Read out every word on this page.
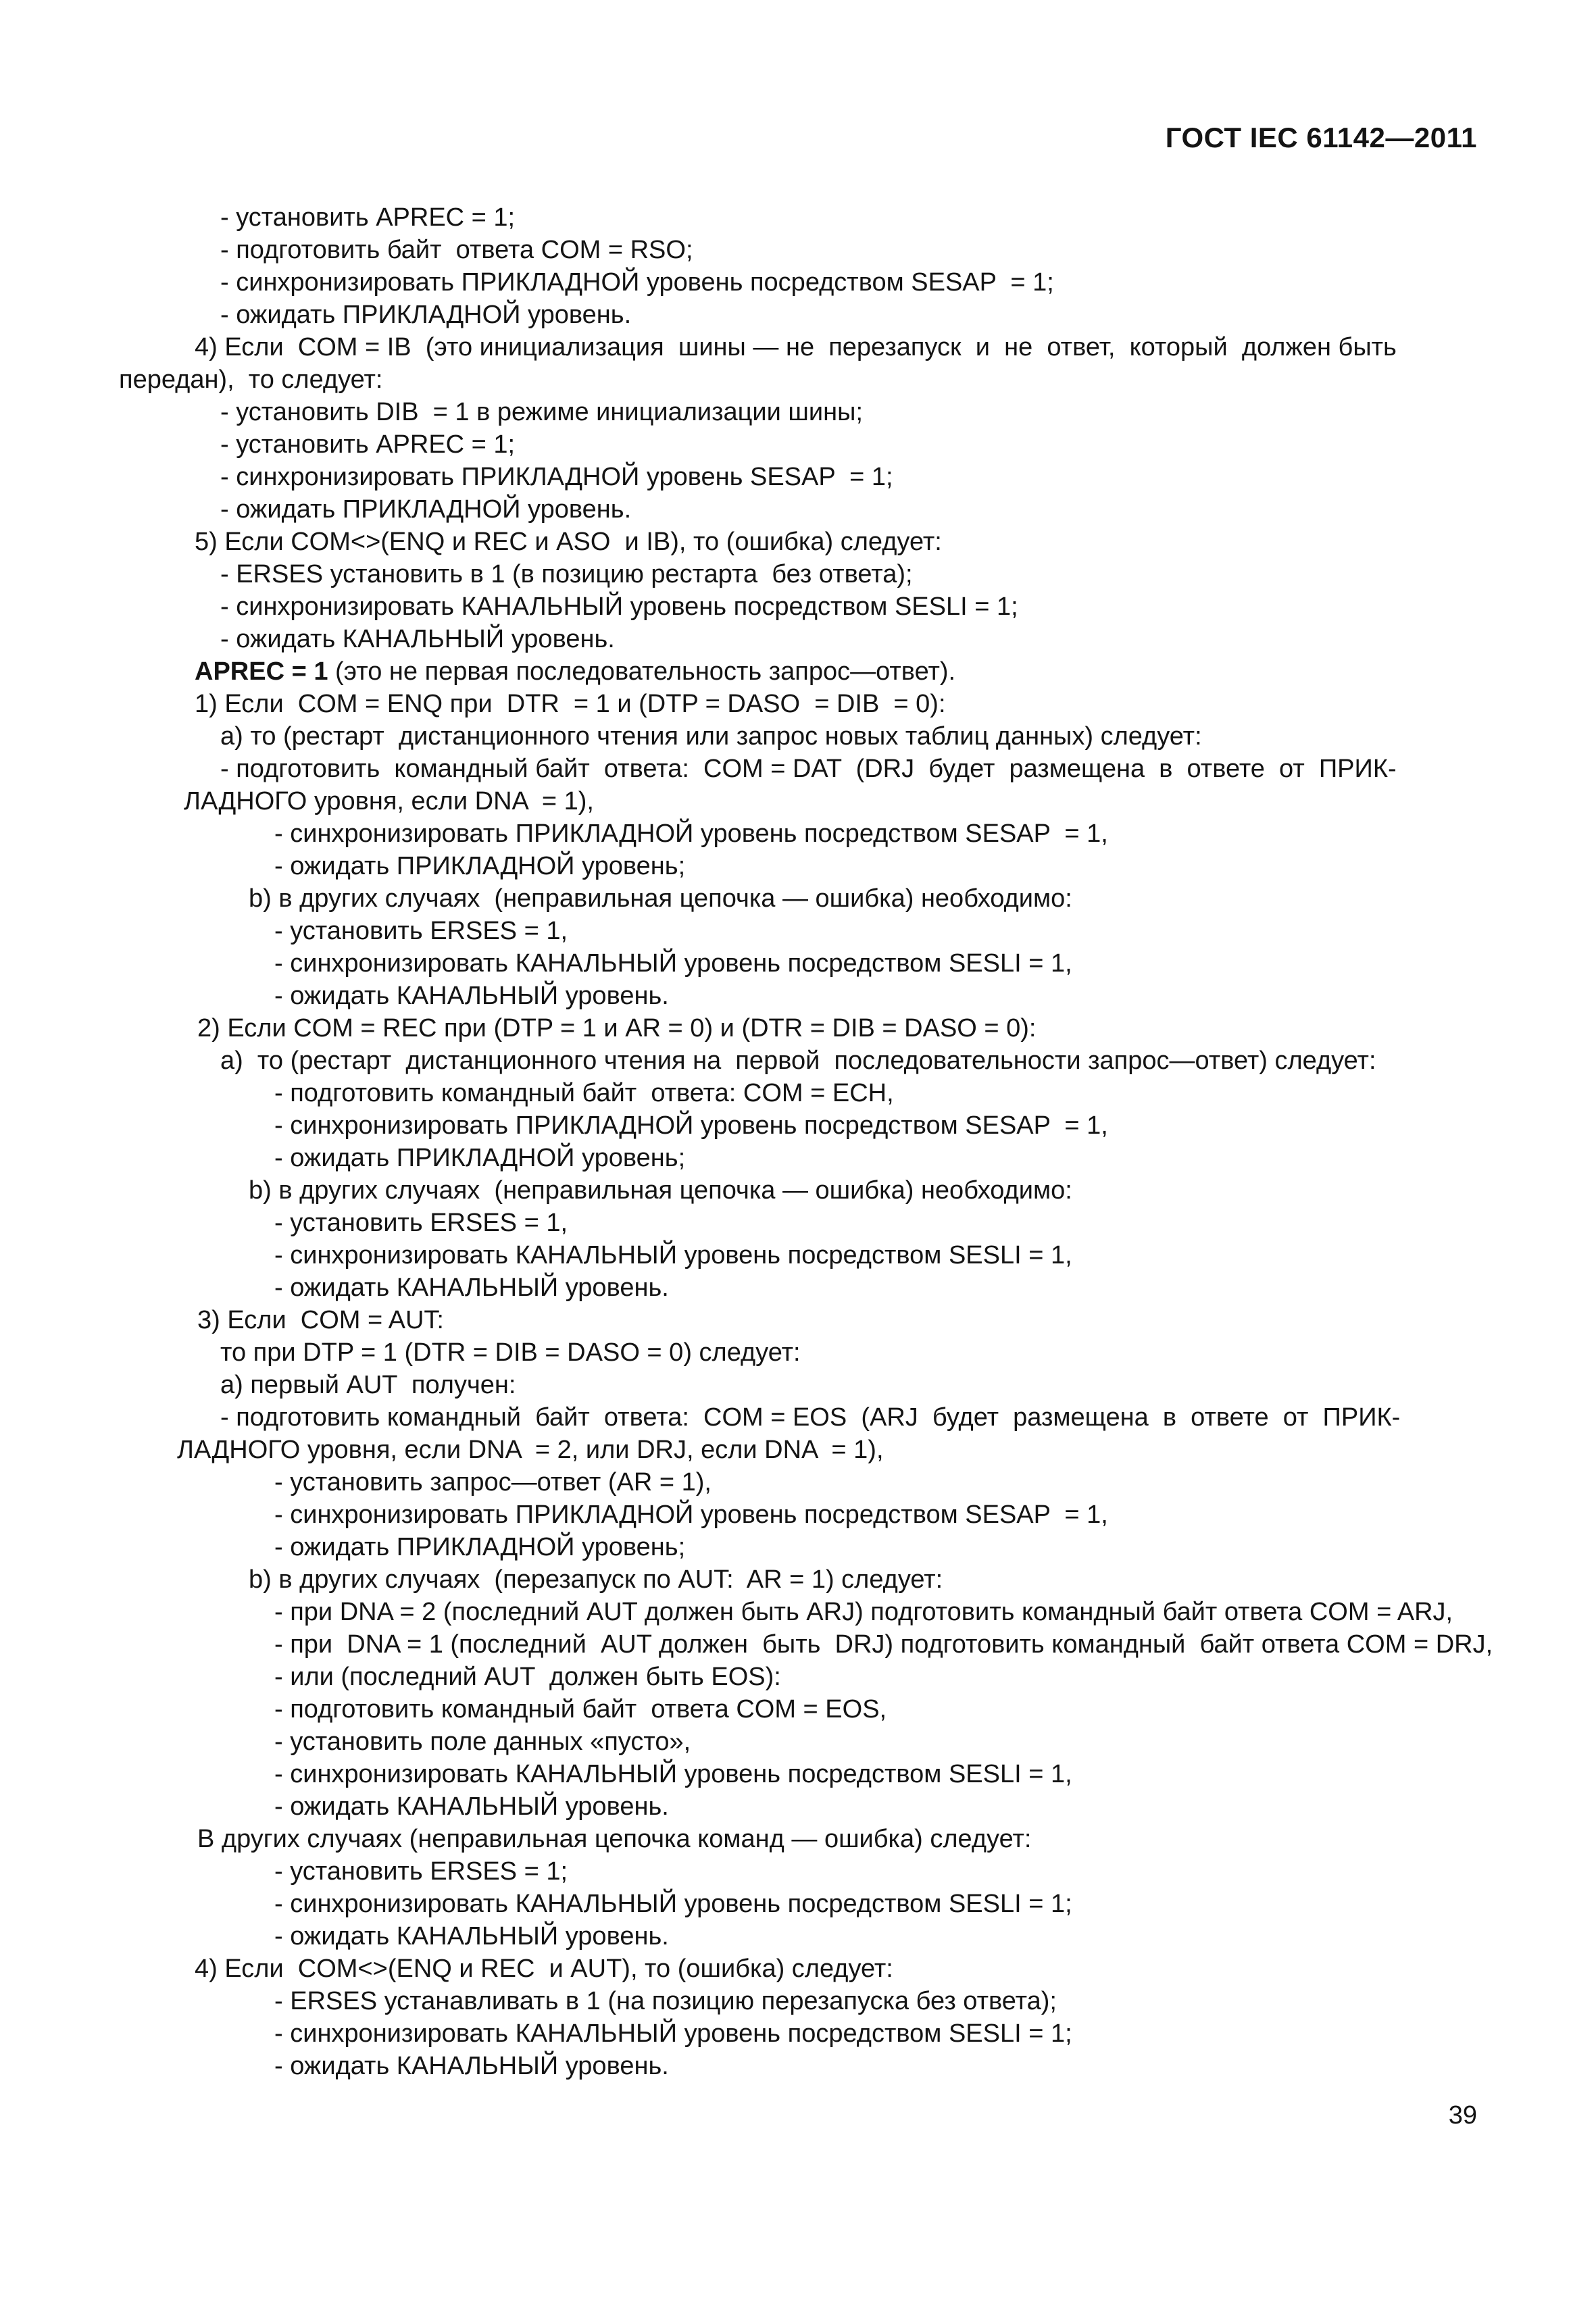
ГОСТ IEC 61142—2011
- установить APREC = 1;
- подготовить байт  ответа COM = RSO;
- синхронизировать ПРИКЛАДНОЙ уровень посредством SESAP  = 1;
- ожидать ПРИКЛАДНОЙ уровень.
4) Если  COM = IB  (это инициализация  шины — не  перезапуск  и  не  ответ,  который  должен быть
передан),  то следует:
- установить DIB  = 1 в режиме инициализации шины;
- установить APREC = 1;
- синхронизировать ПРИКЛАДНОЙ уровень SESAP  = 1;
- ожидать ПРИКЛАДНОЙ уровень.
5) Если COM<>(ENQ и REC и ASO  и IB), то (ошибка) следует:
- ERSES установить в 1 (в позицию рестарта  без ответа);
- синхронизировать КАНАЛЬНЫЙ уровень посредством SESLI = 1;
- ожидать КАНАЛЬНЫЙ уровень.
APREC = 1 (это не первая последовательность запрос—ответ).
1) Если  COM = ENQ при  DTR  = 1 и (DTP = DASO  = DIB  = 0):
a) то (рестарт  дистанционного чтения или запрос новых таблиц данных) следует:
- подготовить  командный байт  ответа:  COM = DAT  (DRJ  будет  размещена  в  ответе  от  ПРИК-
ЛАДНОГО уровня, если DNA  = 1),
- синхронизировать ПРИКЛАДНОЙ уровень посредством SESAP  = 1,
- ожидать ПРИКЛАДНОЙ уровень;
b) в других случаях  (неправильная цепочка — ошибка) необходимо:
- установить ERSES = 1,
- синхронизировать КАНАЛЬНЫЙ уровень посредством SESLI = 1,
- ожидать КАНАЛЬНЫЙ уровень.
2) Если COM = REC при (DTP = 1 и AR = 0) и (DTR = DIB = DASO = 0):
a)  то (рестарт  дистанционного чтения на  первой  последовательности запрос—ответ) следует:
- подготовить командный байт  ответа: COM = ECH,
- синхронизировать ПРИКЛАДНОЙ уровень посредством SESAP  = 1,
- ожидать ПРИКЛАДНОЙ уровень;
b) в других случаях  (неправильная цепочка — ошибка) необходимо:
- установить ERSES = 1,
- синхронизировать КАНАЛЬНЫЙ уровень посредством SESLI = 1,
- ожидать КАНАЛЬНЫЙ уровень.
3) Если  COM = AUT:
то при DTP = 1 (DTR = DIB = DASO = 0) следует:
a) первый AUT  получен:
- подготовить командный  байт  ответа:  COM = EOS  (ARJ  будет  размещена  в  ответе  от  ПРИК-
ЛАДНОГО уровня, если DNA  = 2, или DRJ, если DNA  = 1),
- установить запрос—ответ (AR = 1),
- синхронизировать ПРИКЛАДНОЙ уровень посредством SESAP  = 1,
- ожидать ПРИКЛАДНОЙ уровень;
b) в других случаях  (перезапуск по AUT:  AR = 1) следует:
- при DNA = 2 (последний AUT должен быть ARJ) подготовить командный байт ответа COM = ARJ,
- при  DNA = 1 (последний  AUT должен  быть  DRJ) подготовить командный  байт ответа COM = DRJ,
- или (последний AUT  должен быть EOS):
- подготовить командный байт  ответа COM = EOS,
- установить поле данных «пусто»,
- синхронизировать КАНАЛЬНЫЙ уровень посредством SESLI = 1,
- ожидать КАНАЛЬНЫЙ уровень.
В других случаях (неправильная цепочка команд — ошибка) следует:
- установить ERSES = 1;
- синхронизировать КАНАЛЬНЫЙ уровень посредством SESLI = 1;
- ожидать КАНАЛЬНЫЙ уровень.
4) Если  COM<>(ENQ и REC  и AUT), то (ошибка) следует:
- ERSES устанавливать в 1 (на позицию перезапуска без ответа);
- синхронизировать КАНАЛЬНЫЙ уровень посредством SESLI = 1;
- ожидать КАНАЛЬНЫЙ уровень.
39
